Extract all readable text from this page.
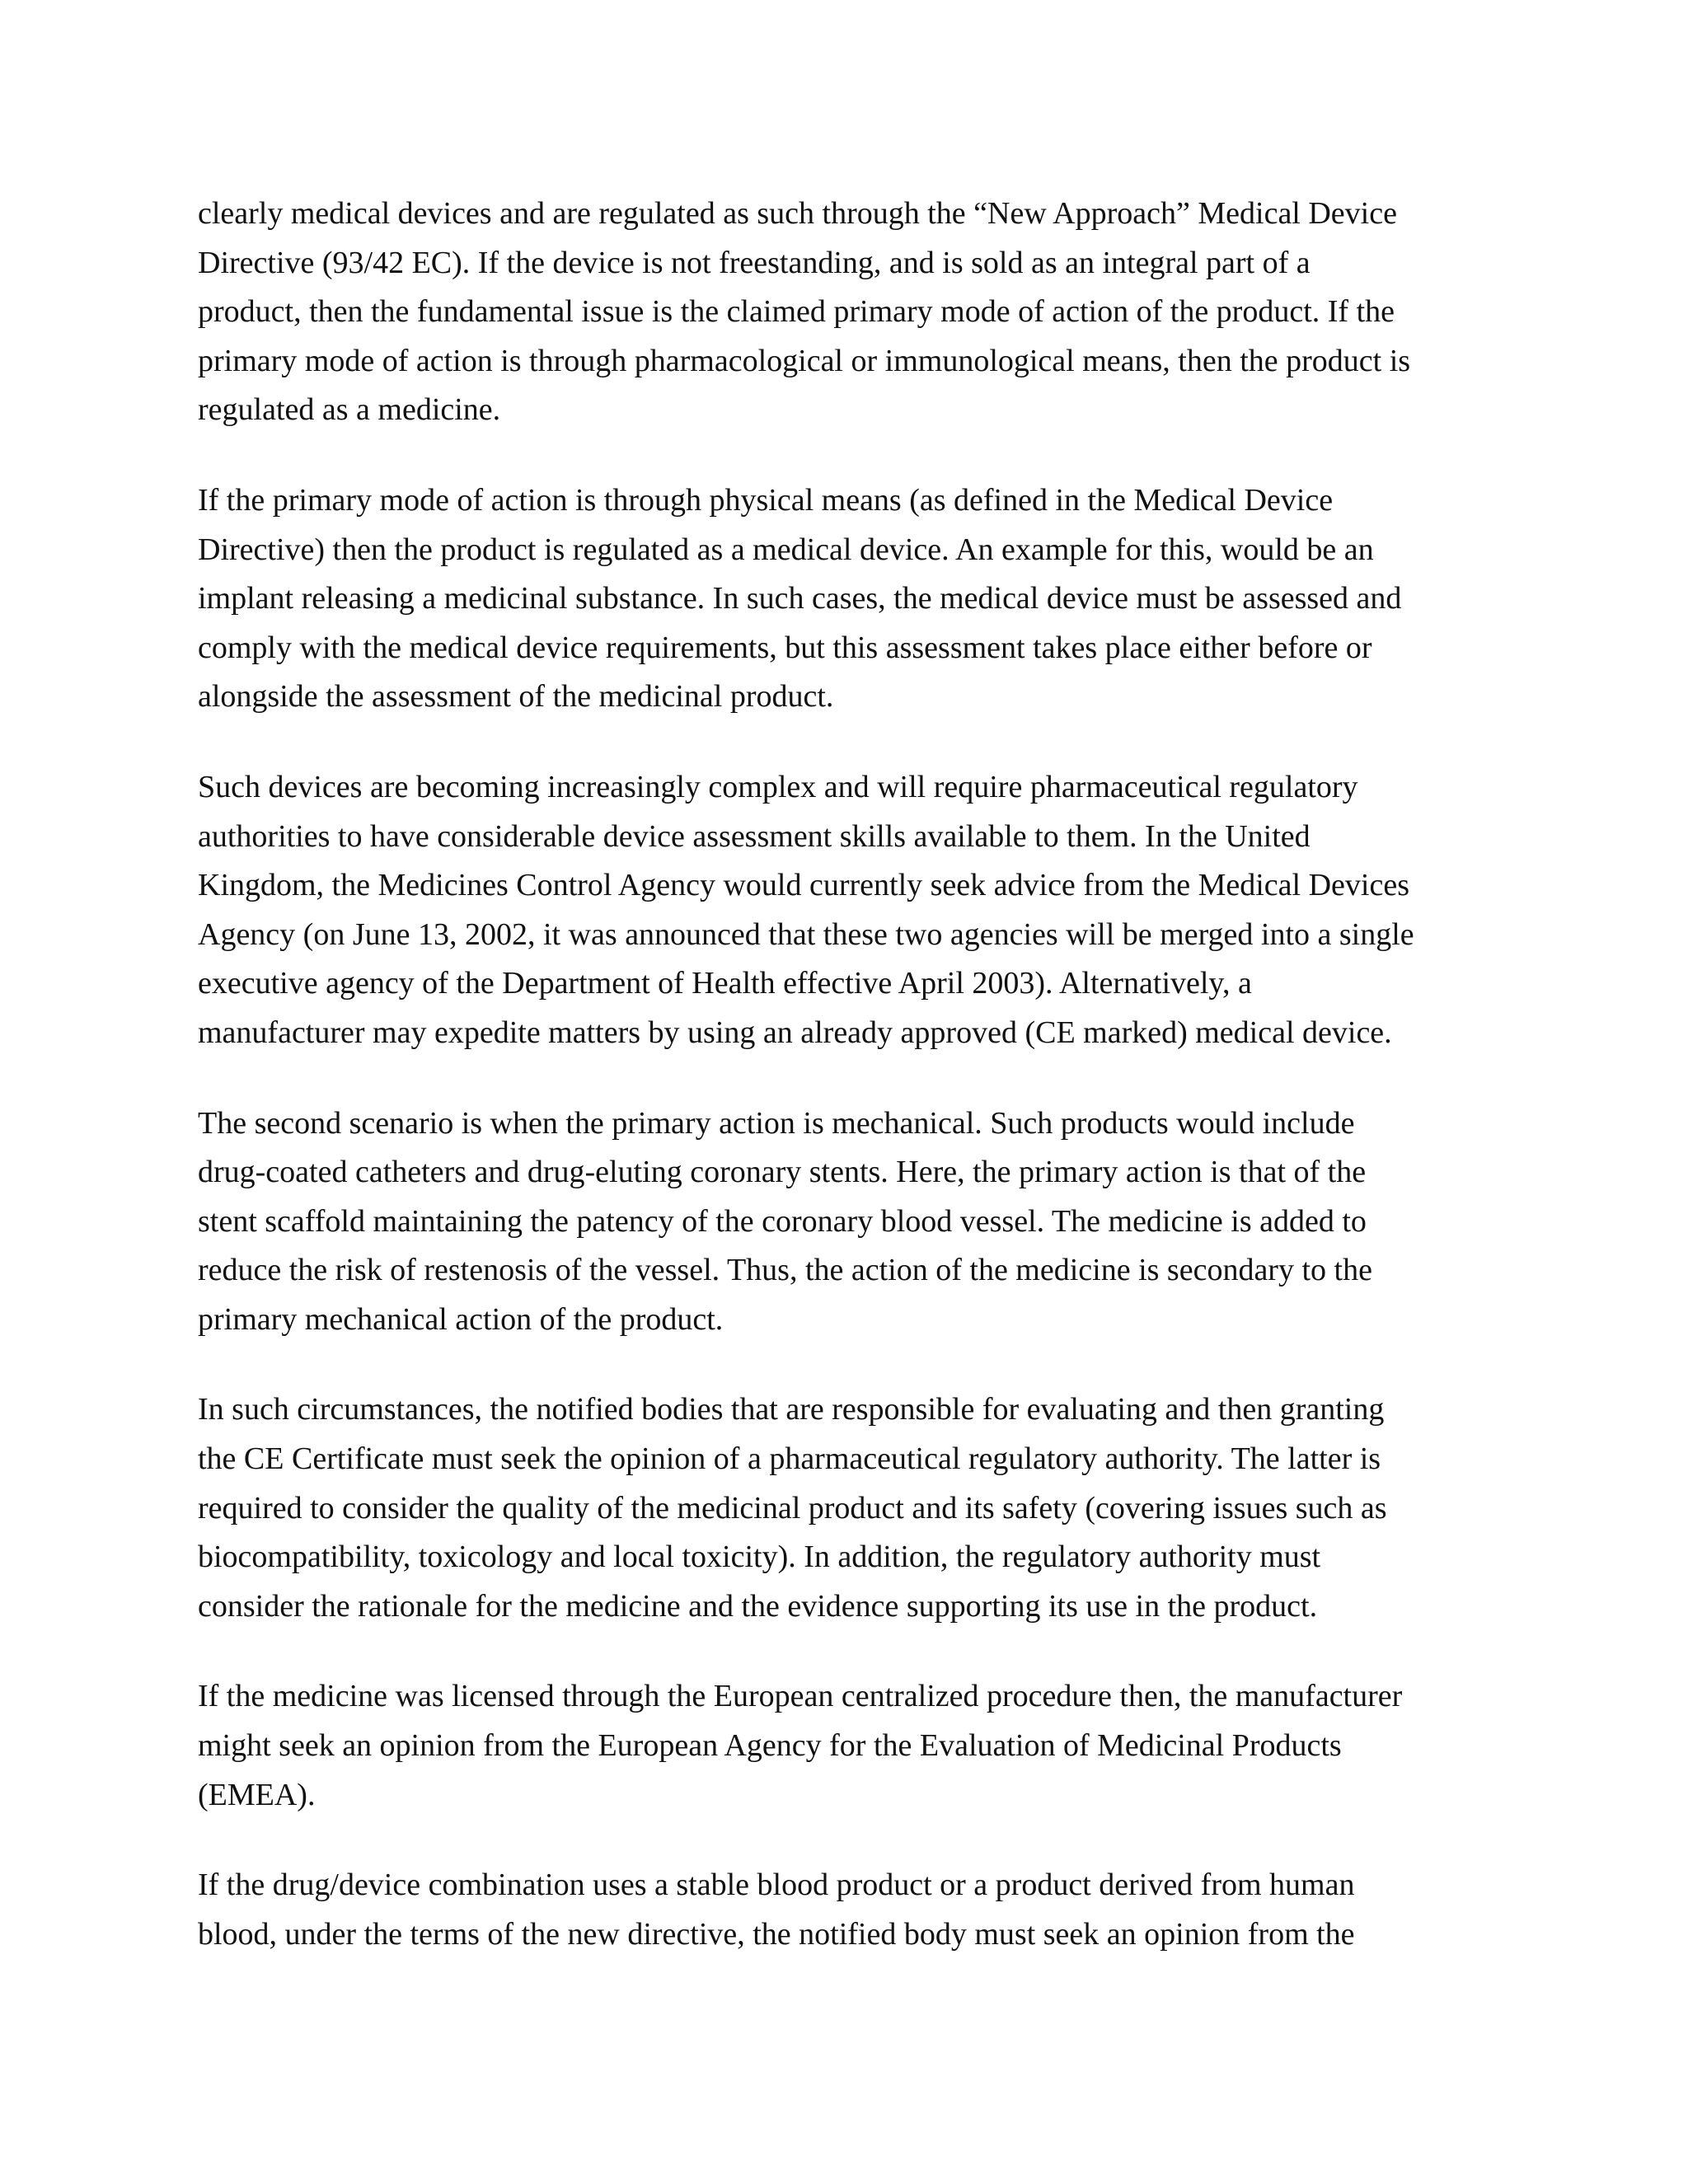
clearly medical devices and are regulated as such through the “New Approach” Medical Device
Directive (93/42 EC). If the device is not freestanding, and is sold as an integral part of a
product, then the fundamental issue is the claimed primary mode of action of the product. If the
primary mode of action is through pharmacological or immunological means, then the product is
regulated as a medicine.

If the primary mode of action is through physical means (as defined in the Medical Device
Directive) then the product is regulated as a medical device. An example for this, would be an
implant releasing a medicinal substance. In such cases, the medical device must be assessed and
comply with the medical device requirements, but this assessment takes place either before or
alongside the assessment of the medicinal product.

Such devices are becoming increasingly complex and will require pharmaceutical regulatory
authorities to have considerable device assessment skills available to them. In the United
Kingdom, the Medicines Control Agency would currently seek advice from the Medical Devices
Agency (on June 13, 2002, it was announced that these two agencies will be merged into a single
executive agency of the Department of Health effective April 2003). Alternatively, a
manufacturer may expedite matters by using an already approved (CE marked) medical device.

The second scenario is when the primary action is mechanical. Such products would include
drug-coated catheters and drug-eluting coronary stents. Here, the primary action is that of the
stent scaffold maintaining the patency of the coronary blood vessel. The medicine is added to
reduce the risk of restenosis of the vessel. Thus, the action of the medicine is secondary to the
primary mechanical action of the product.

In such circumstances, the notified bodies that are responsible for evaluating and then granting
the CE Certificate must seek the opinion of a pharmaceutical regulatory authority. The latter is
required to consider the quality of the medicinal product and its safety (covering issues such as
biocompatibility, toxicology and local toxicity). In addition, the regulatory authority must
consider the rationale for the medicine and the evidence supporting its use in the product.

If the medicine was licensed through the European centralized procedure then, the manufacturer
might seek an opinion from the European Agency for the Evaluation of Medicinal Products
(EMEA).

If the drug/device combination uses a stable blood product or a product derived from human
blood, under the terms of the new directive, the notified body must seek an opinion from the
